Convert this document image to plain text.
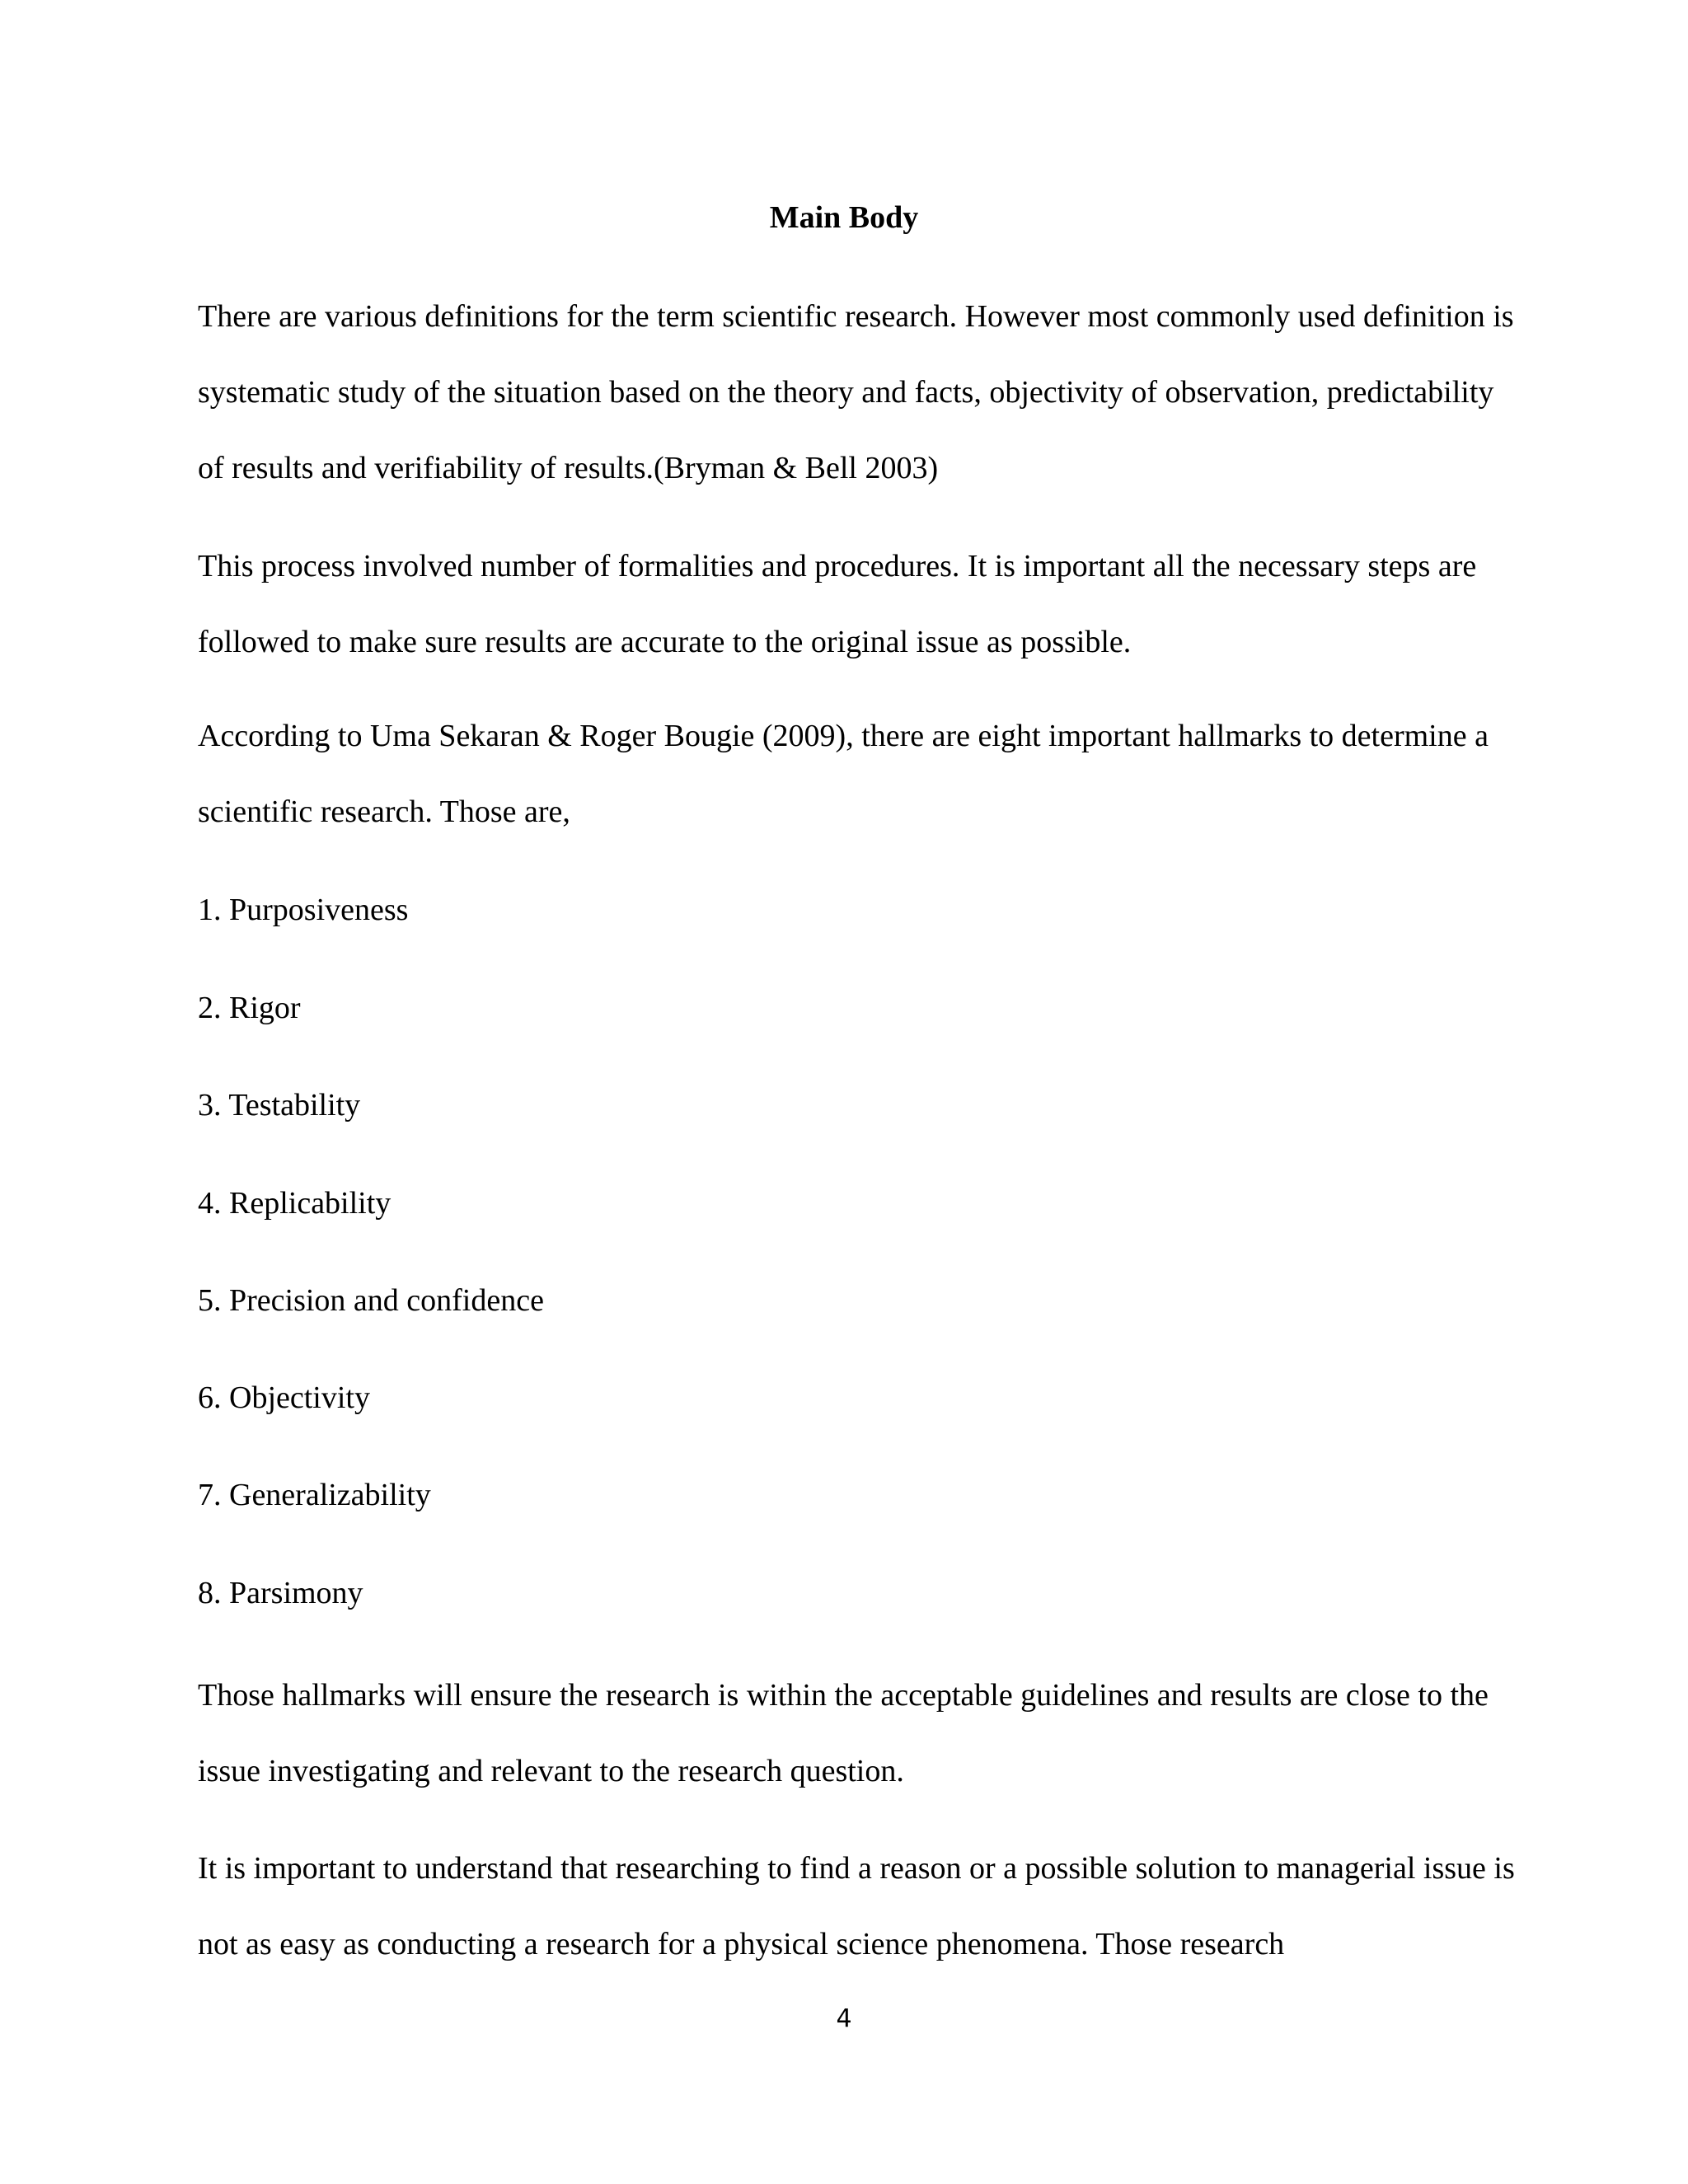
Main Body

There are various definitions for the term scientific research. However most commonly used definition is systematic study of the situation based on the theory and facts, objectivity of observation, predictability of results and verifiability of results.(Bryman & Bell 2003)

This process involved number of formalities and procedures. It is important all the necessary steps are followed to make sure results are accurate to the original issue as possible.

According to Uma Sekaran & Roger Bougie (2009), there are eight important hallmarks to determine a scientific research. Those are,

1. Purposiveness

2. Rigor

3. Testability

4. Replicability

5. Precision and confidence

6. Objectivity

7. Generalizability

8. Parsimony

Those hallmarks will ensure the research is within the acceptable guidelines and results are close to the issue investigating and relevant to the research question.

It is important to understand that researching to find a reason or a possible solution to managerial issue is not as easy as conducting a research for a physical science phenomena. Those research

4
